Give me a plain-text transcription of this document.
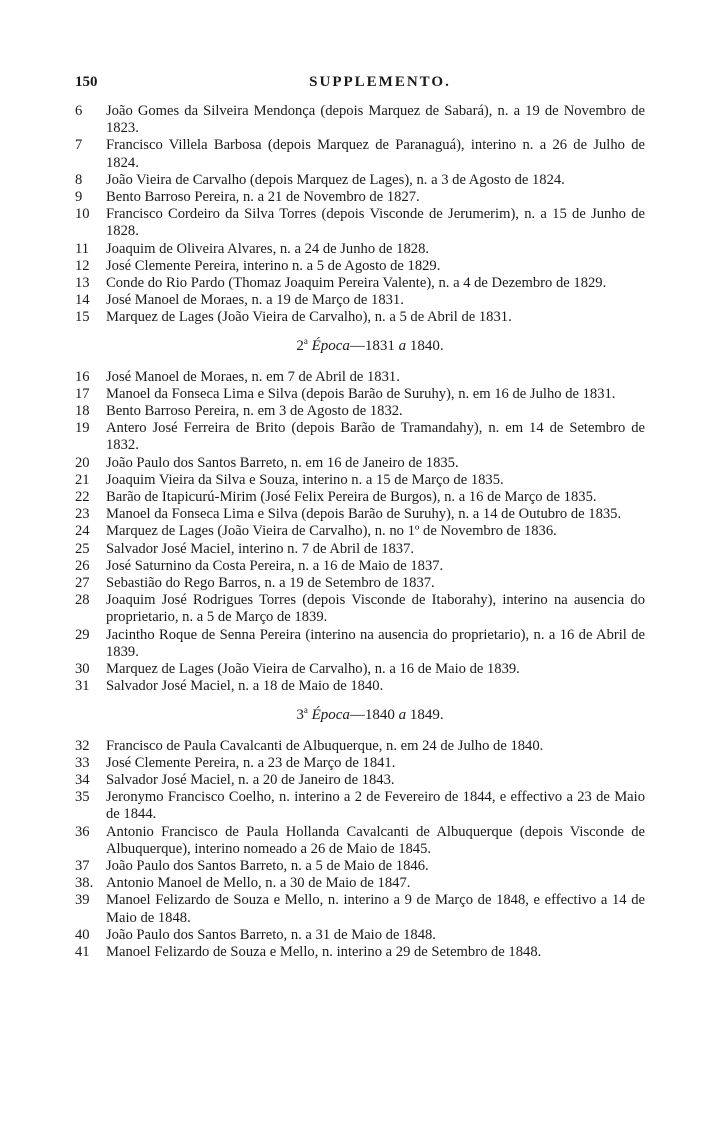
150	SUPPLEMENTO.
6 João Gomes da Silveira Mendonça (depois Marquez de Sabará), n. a 19 de Novembro de 1823.
7 Francisco Villela Barbosa (depois Marquez de Paranaguá), interino n. a 26 de Julho de 1824.
8 João Vieira de Carvalho (depois Marquez de Lages), n. a 3 de Agosto de 1824.
9 Bento Barroso Pereira, n. a 21 de Novembro de 1827.
10 Francisco Cordeiro da Silva Torres (depois Visconde de Jerumerim), n. a 15 de Junho de 1828.
11 Joaquim de Oliveira Alvares, n. a 24 de Junho de 1828.
12 José Clemente Pereira, interino n. a 5 de Agosto de 1829.
13 Conde do Rio Pardo (Thomaz Joaquim Pereira Valente), n. a 4 de Dezembro de 1829.
14 José Manoel de Moraes, n. a 19 de Março de 1831.
15 Marquez de Lages (João Vieira de Carvalho), n. a 5 de Abril de 1831.
2$^a$ Época—1831 a 1840.
16 José Manoel de Moraes, n. em 7 de Abril de 1831.
17 Manoel da Fonseca Lima e Silva (depois Barão de Suruhy), n. em 16 de Julho de 1831.
18 Bento Barroso Pereira, n. em 3 de Agosto de 1832.
19 Antero José Ferreira de Brito (depois Barão de Tramandahy), n. em 14 de Setembro de 1832.
20 João Paulo dos Santos Barreto, n. em 16 de Janeiro de 1835.
21 Joaquim Vieira da Silva e Souza, interino n. a 15 de Março de 1835.
22 Barão de Itapicurú-Mirim (José Felix Pereira de Burgos), n. a 16 de Março de 1835.
23 Manoel da Fonseca Lima e Silva (depois Barão de Suruhy), n. a 14 de Outubro de 1835.
24 Marquez de Lages (João Vieira de Carvalho), n. no 1º de Novembro de 1836.
25 Salvador José Maciel, interino n. 7 de Abril de 1837.
26 José Saturnino da Costa Pereira, n. a 16 de Maio de 1837.
27 Sebastião do Rego Barros, n. a 19 de Setembro de 1837.
28 Joaquim José Rodrigues Torres (depois Visconde de Itaborahy), interino na ausencia do proprietario, n. a 5 de Março de 1839.
29 Jacintho Roque de Senna Pereira (interino na ausencia do proprietario), n. a 16 de Abril de 1839.
30 Marquez de Lages (João Vieira de Carvalho), n. a 16 de Maio de 1839.
31 Salvador José Maciel, n. a 18 de Maio de 1840.
3$^a$ Época—1840 a 1849.
32 Francisco de Paula Cavalcanti de Albuquerque, n. em 24 de Julho de 1840.
33 José Clemente Pereira, n. a 23 de Março de 1841.
34 Salvador José Maciel, n. a 20 de Janeiro de 1843.
35 Jeronymo Francisco Coelho, n. interino a 2 de Fevereiro de 1844, e effectivo a 23 de Maio de 1844.
36 Antonio Francisco de Paula Hollanda Cavalcanti de Albuquerque (depois Visconde de Albuquerque), interino nomeado a 26 de Maio de 1845.
37 João Paulo dos Santos Barreto, n. a 5 de Maio de 1846.
38. Antonio Manoel de Mello, n. a 30 de Maio de 1847.
39 Manoel Felizardo de Souza e Mello, n. interino a 9 de Março de 1848, e effectivo a 14 de Maio de 1848.
40 João Paulo dos Santos Barreto, n. a 31 de Maio de 1848.
41 Manoel Felizardo de Souza e Mello, n. interino a 29 de Setembro de 1848.
